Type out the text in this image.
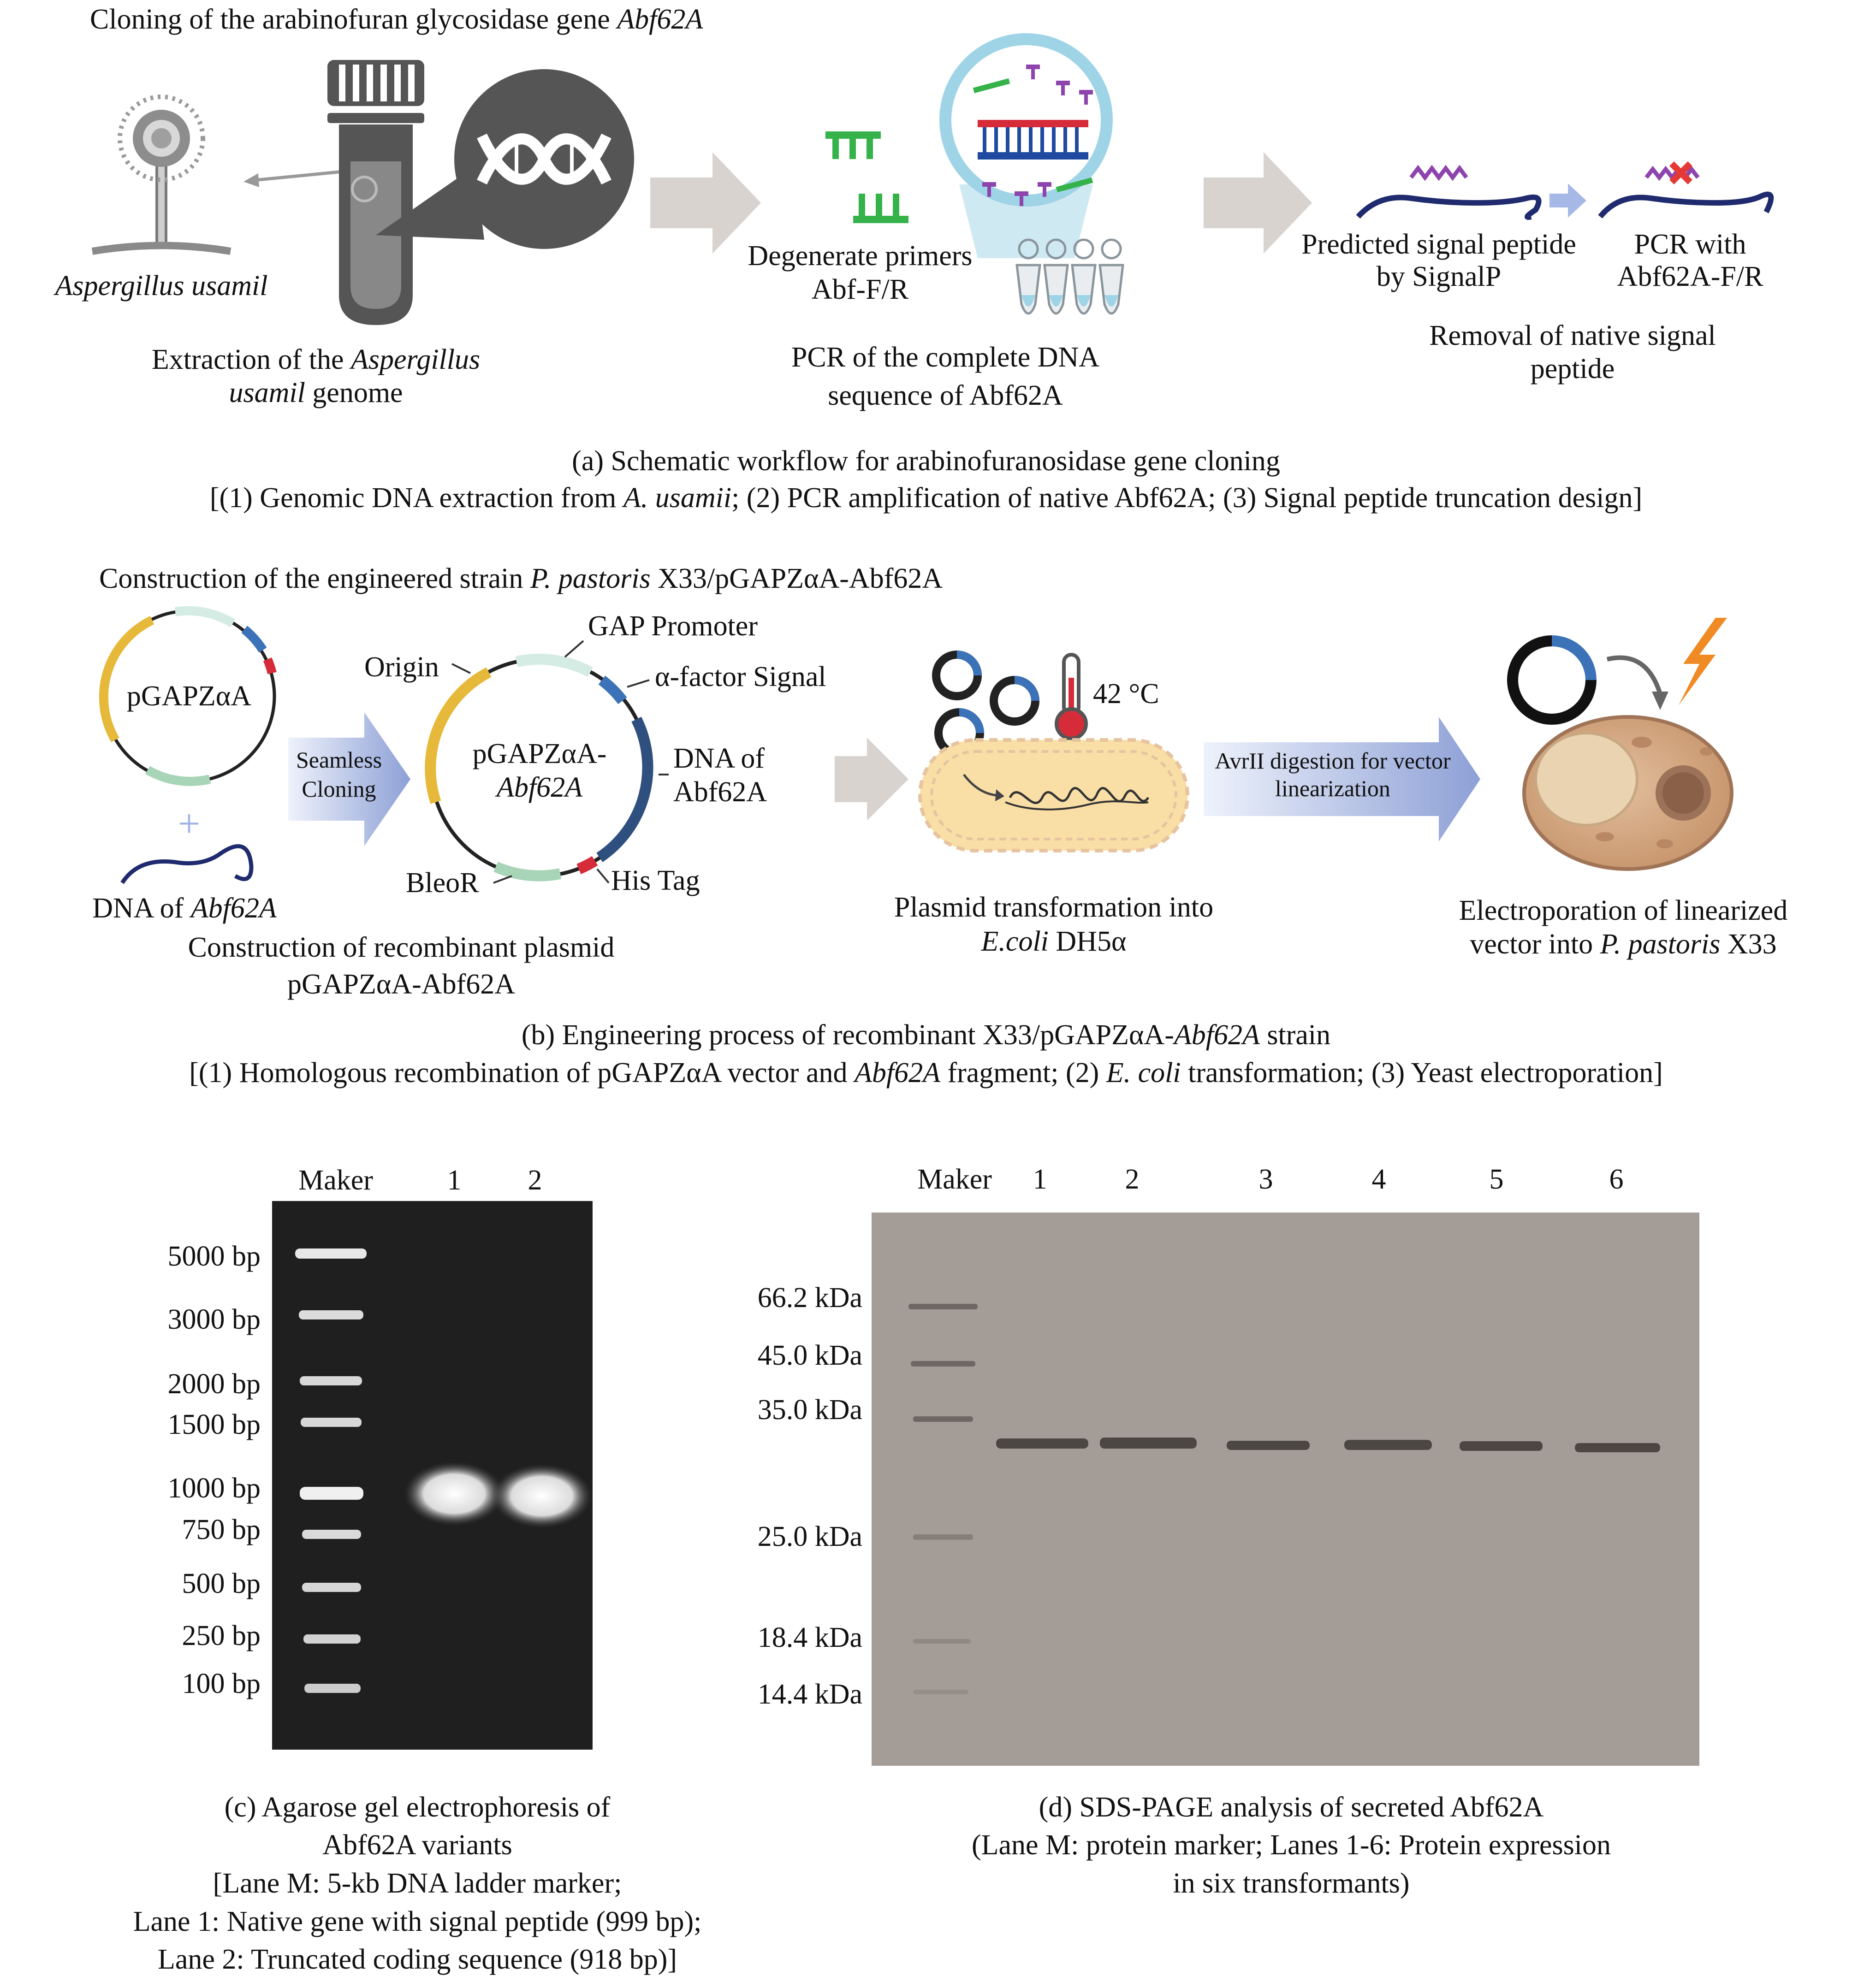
Cloning of the arabinofuran glycosidase gene Abf62A
Aspergillus usamil
Extraction of the Aspergillus
usamil genome
Degenerate primers
Abf-F/R
PCR of the complete DNA
sequence of Abf62A
Predicted signal peptide
by SignalP
PCR with
Abf62A-F/R
Removal of native signal
peptide
(a) Schematic workflow for arabinofuranosidase gene cloning
[(1) Genomic DNA extraction from A. usamii; (2) PCR amplification of native Abf62A; (3) Signal peptide truncation design]
Construction of the engineered strain P. pastoris X33/pGAPZαA-Abf62A
pGAPZαA
+
DNA of Abf62A
Seamless
Cloning
pGAPZαA-
Abf62A
Origin
GAP Promoter
α-factor Signal
DNA of
Abf62A
BleoR	His Tag
Construction of recombinant plasmid
pGAPZαA-Abf62A
42 °C
Plasmid transformation into
E.coli DH5α
AvrII digestion for vector
linearization
Electroporation of linearized
vector into P. pastoris X33
(b) Engineering process of recombinant X33/pGAPZαA-Abf62A strain
[(1) Homologous recombination of pGAPZαA vector and Abf62A fragment; (2) E. coli transformation; (3) Yeast electroporation]
Maker	1 2
5000 bp
3000 bp
2000 bp
1500 bp
1000 bp
750 bp
500 bp
250 bp
100 bp
(c) Agarose gel electrophoresis of
Abf62A variants
[Lane M: 5-kb DNA ladder marker;
Lane 1: Native gene with signal peptide (999 bp);
Lane 2: Truncated coding sequence (918 bp)]
Maker 1	2	3	4	5	6
66.2 kDa
45.0 kDa
35.0 kDa
25.0 kDa
18.4 kDa
14.4 kDa
(d) SDS-PAGE analysis of secreted Abf62A
(Lane M: protein marker; Lanes 1-6: Protein expression
in six transformants)
